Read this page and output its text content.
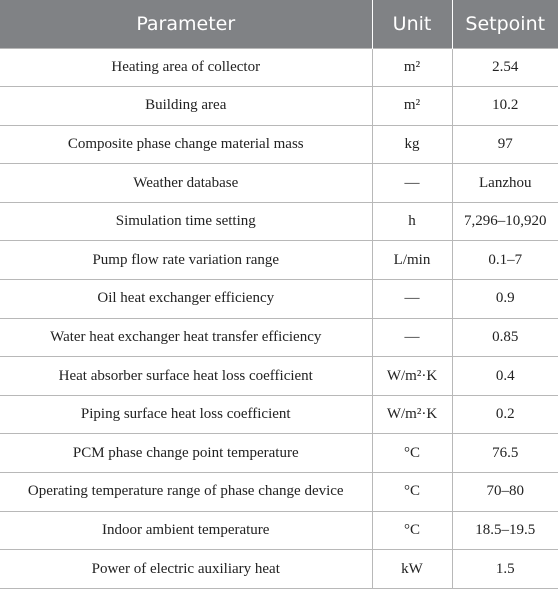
Parameter	Unit	Setpoint
Heating area of collector	m²	2.54
Building area	m²	10.2
Composite phase change material mass	kg	97
Weather database	—	Lanzhou
Simulation time setting	h	7,296–10,920
Pump flow rate variation range	L/min	0.1–7
Oil heat exchanger efficiency	—	0.9
Water heat exchanger heat transfer efficiency	—	0.85
Heat absorber surface heat loss coefficient	W/m²·K	0.4
Piping surface heat loss coefficient	W/m²·K	0.2
PCM phase change point temperature	°C	76.5
Operating temperature range of phase change device	°C	70–80
Indoor ambient temperature	°C	18.5–19.5
Power of electric auxiliary heat	kW	1.5
